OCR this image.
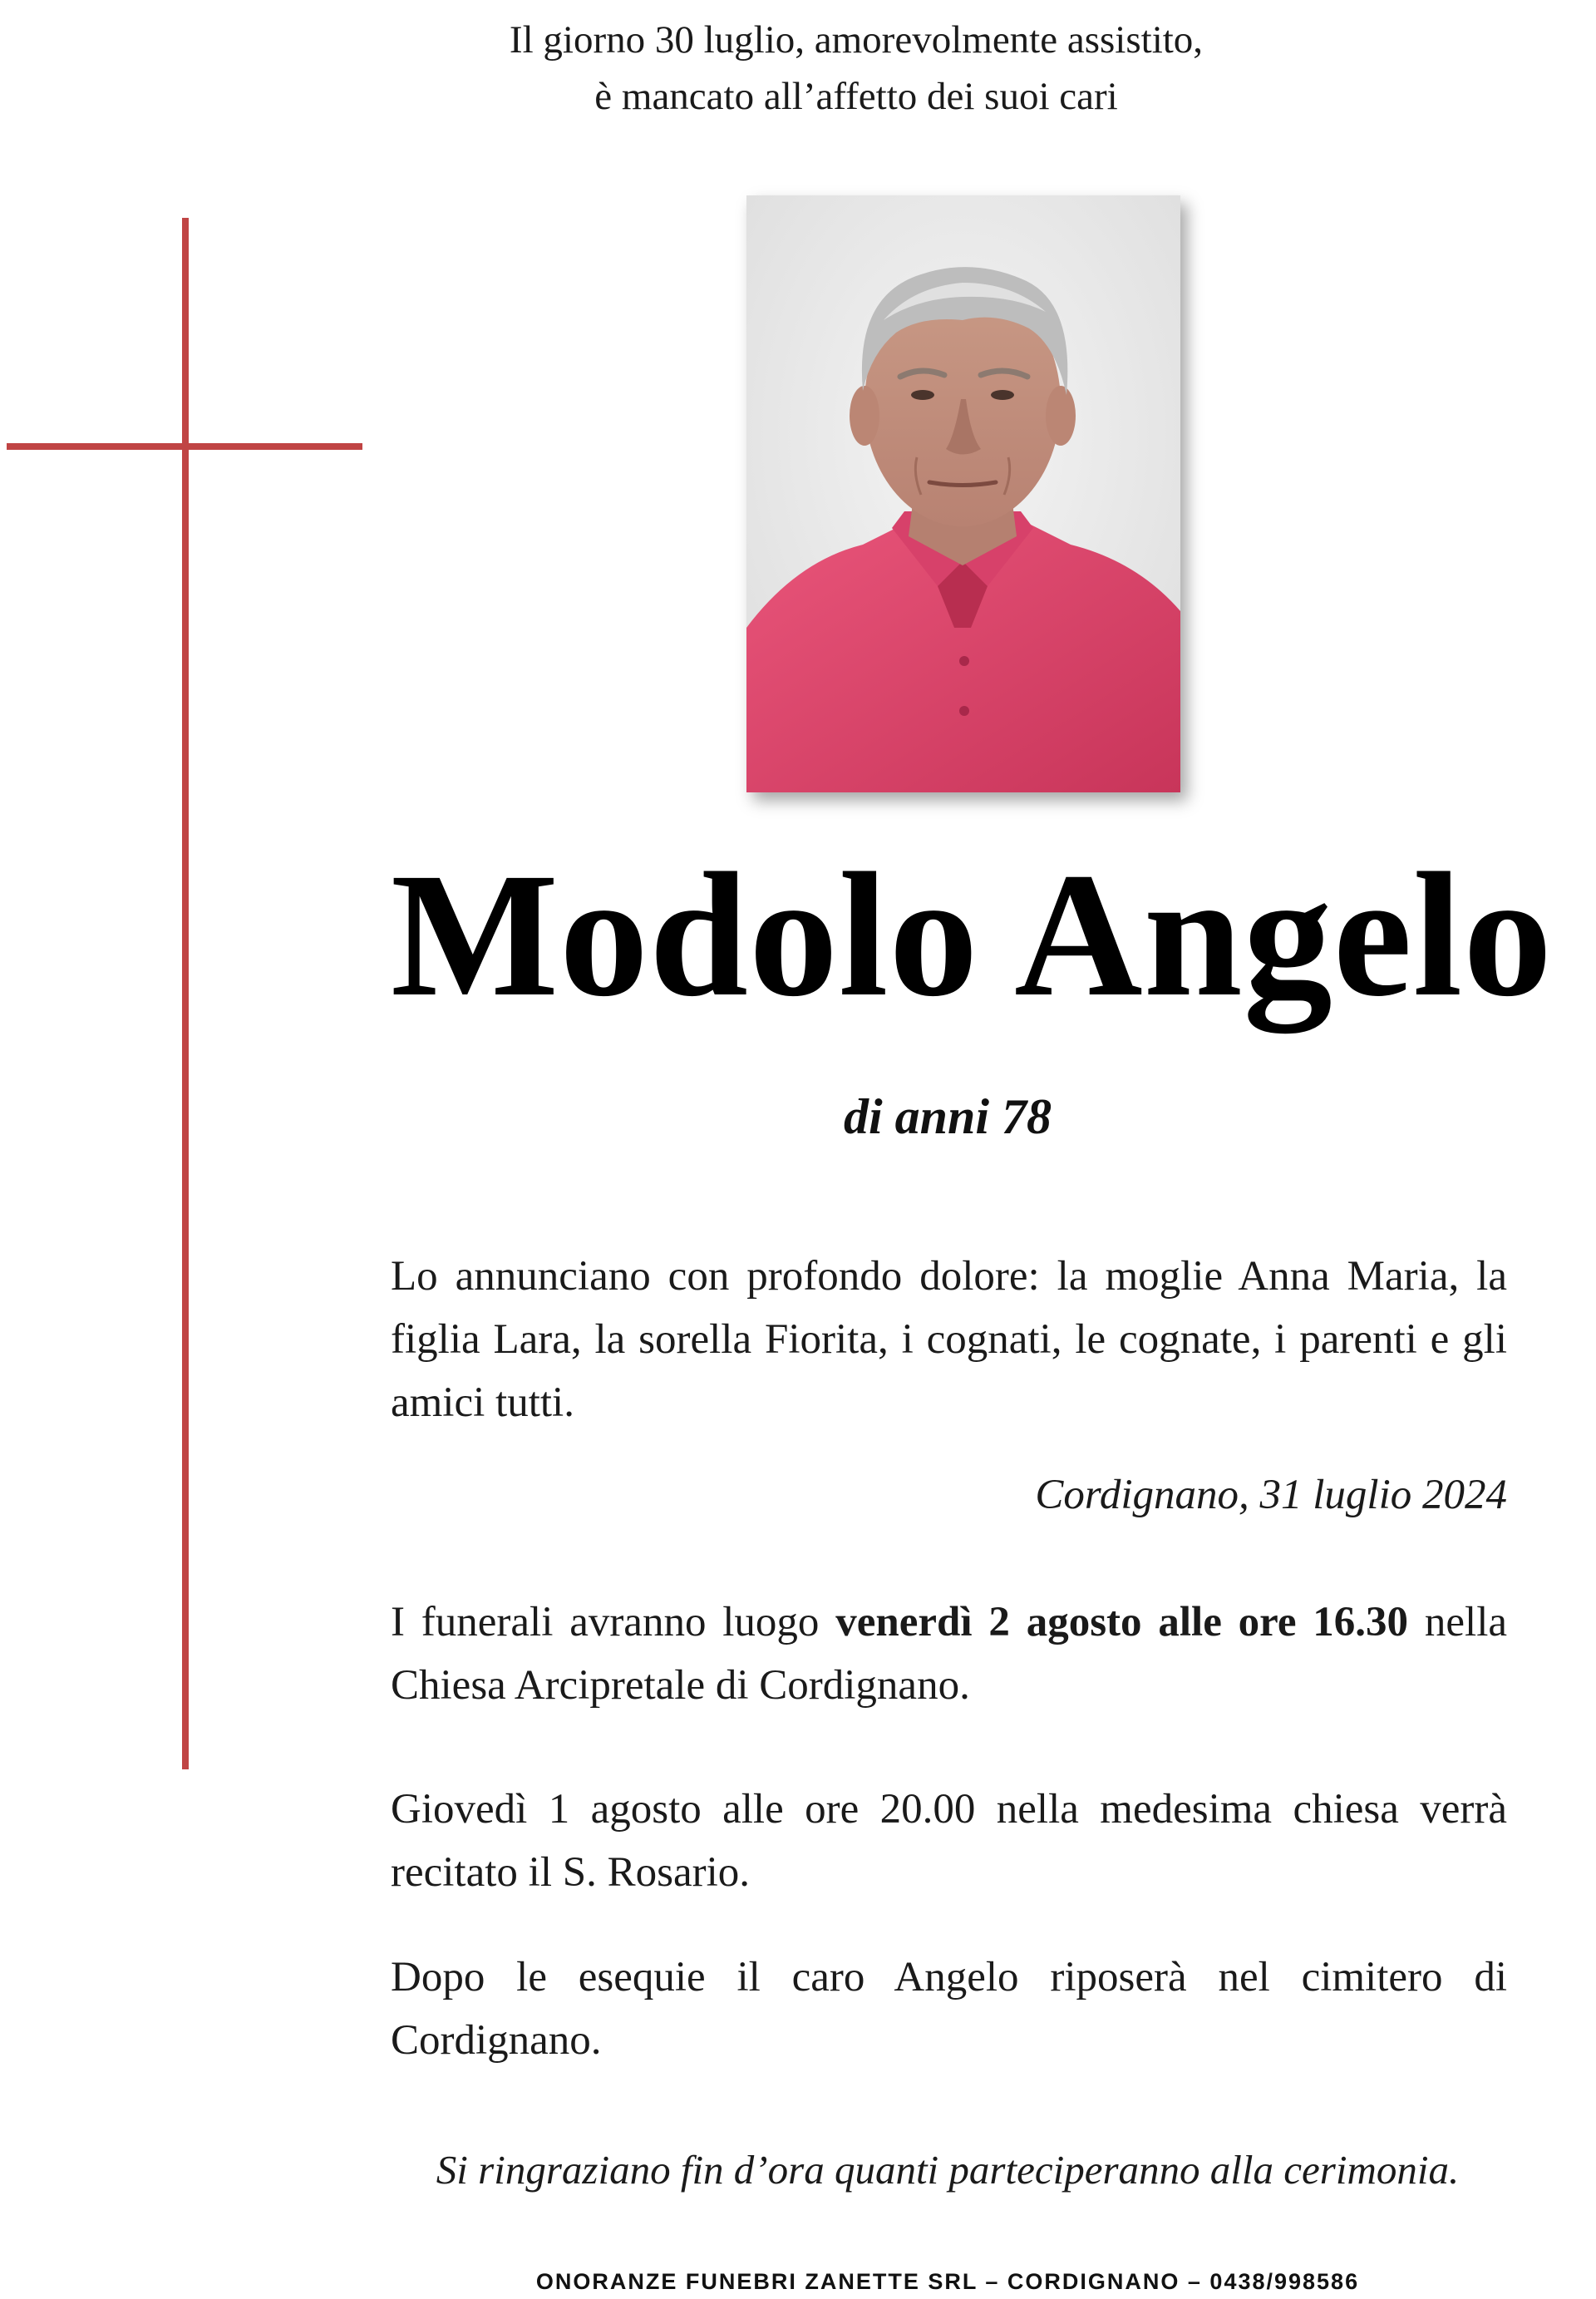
Il giorno 30 luglio, amorevolmente assistito,
è mancato all’affetto dei suoi cari
Modolo Angelo
di anni 78
Lo annunciano con profondo dolore: la moglie Anna Maria, la figlia Lara, la sorella Fiorita, i cognati, le cognate, i parenti e gli amici tutti.
Cordignano, 31 luglio 2024
I funerali avranno luogo venerdì 2 agosto alle ore 16.30 nella Chiesa Arcipretale di Cordignano.
Giovedì 1 agosto alle ore 20.00 nella medesima chiesa verrà recitato il S. Rosario.
Dopo le esequie il caro Angelo riposerà nel cimitero di Cordignano.
Si ringraziano fin d’ora quanti parteciperanno alla cerimonia.
ONORANZE FUNEBRI ZANETTE SRL – CORDIGNANO – 0438/998586
